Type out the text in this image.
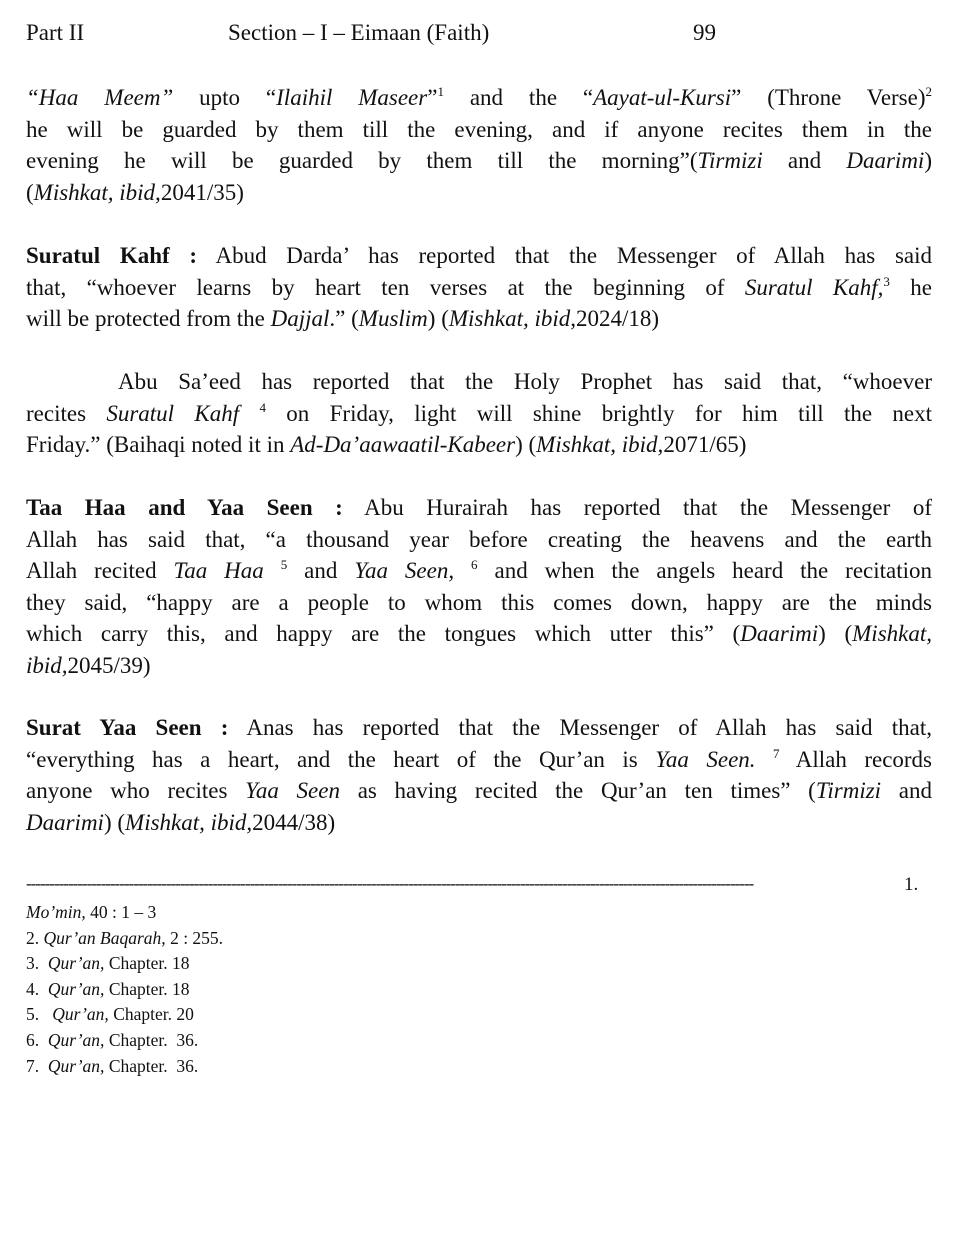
Part II	Section – I – Eimaan (Faith)	99
“Haa Meem” upto “Ilaihil Maseer”$^1$ and the “Aayat-ul-Kursi” (Throne Verse)$^2$
he will be guarded by them till the evening, and if anyone recites them in the
evening he will be guarded by them till the morning”(Tirmizi and Daarimi)
(Mishkat, ibid,2041/35)
Suratul Kahf : Abud Darda’ has reported that the Messenger of Allah has said
that, “whoever learns by heart ten verses at the beginning of Suratul Kahf,$^3$ he
will be protected from the Dajjal.” (Muslim) (Mishkat, ibid,2024/18)
Abu Sa’eed has reported that the Holy Prophet has said that, “whoever
recites Suratul Kahf $^4$ on Friday, light will shine brightly for him till the next
Friday.” (Baihaqi noted it in Ad-Da’aawaatil-Kabeer) (Mishkat, ibid,2071/65)
Taa Haa and Yaa Seen : Abu Hurairah has reported that the Messenger of
Allah has said that, “a thousand year before creating the heavens and the earth
Allah recited Taa Haa $^5$ and Yaa Seen, $^6$ and when the angels heard the recitation
they said, “happy are a people to whom this comes down, happy are the minds
which carry this, and happy are the tongues which utter this” (Daarimi) (Mishkat,
ibid,2045/39)
Surat Yaa Seen : Anas has reported that the Messenger of Allah has said that,
“everything has a heart, and the heart of the Qur’an is Yaa Seen. $^7$ Allah records
anyone who recites Yaa Seen as having recited the Qur’an ten times” (Tirmizi and
Daarimi) (Mishkat, ibid,2044/38)
------------------------------------------------------------------------------------------------------------------------------------------------------------	1.
Mo’min, 40 : 1 – 3
2. Qur’an Baqarah, 2 : 255.
3.  Qur’an, Chapter. 18
4.  Qur’an, Chapter. 18
5.   Qur’an, Chapter. 20
6.  Qur’an, Chapter.  36.
7.  Qur’an, Chapter.  36.
